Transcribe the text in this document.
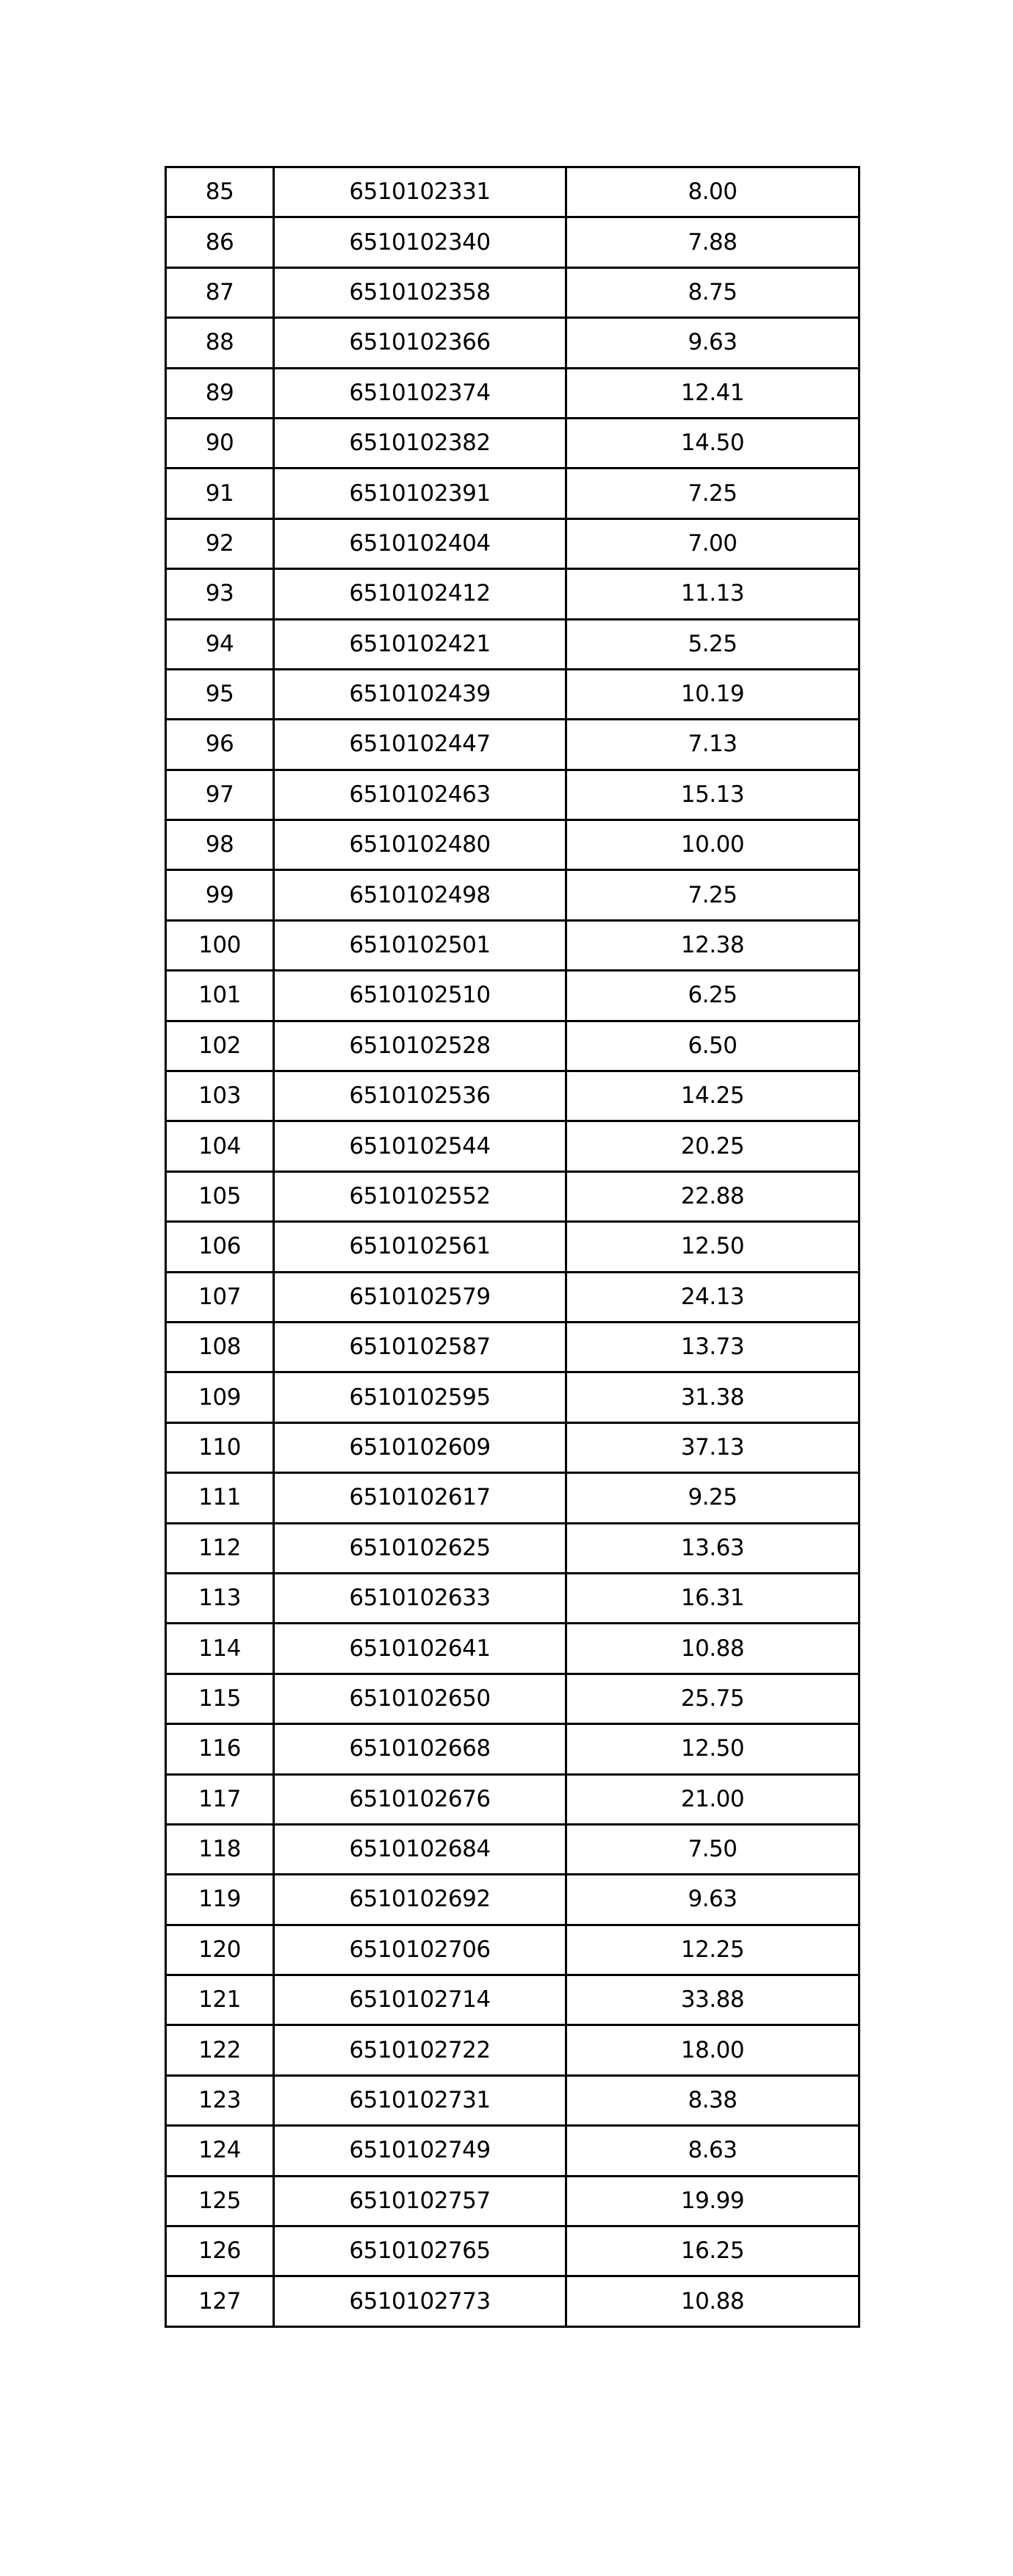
85	6510102331	8.00
86	6510102340	7.88
87	6510102358	8.75
88	6510102366	9.63
89	6510102374	12.41
90	6510102382	14.50
91	6510102391	7.25
92	6510102404	7.00
93	6510102412	11.13
94	6510102421	5.25
95	6510102439	10.19
96	6510102447	7.13
97	6510102463	15.13
98	6510102480	10.00
99	6510102498	7.25
100	6510102501	12.38
101	6510102510	6.25
102	6510102528	6.50
103	6510102536	14.25
104	6510102544	20.25
105	6510102552	22.88
106	6510102561	12.50
107	6510102579	24.13
108	6510102587	13.73
109	6510102595	31.38
110	6510102609	37.13
111	6510102617	9.25
112	6510102625	13.63
113	6510102633	16.31
114	6510102641	10.88
115	6510102650	25.75
116	6510102668	12.50
117	6510102676	21.00
118	6510102684	7.50
119	6510102692	9.63
120	6510102706	12.25
121	6510102714	33.88
122	6510102722	18.00
123	6510102731	8.38
124	6510102749	8.63
125	6510102757	19.99
126	6510102765	16.25
127	6510102773	10.88
